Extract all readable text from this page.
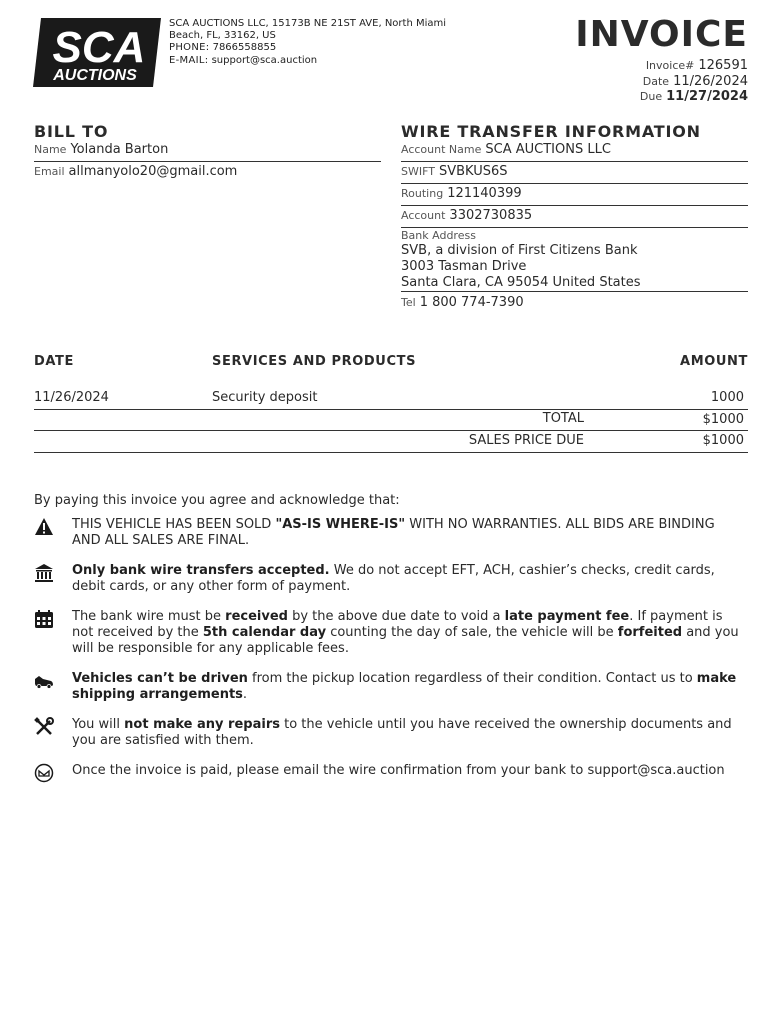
SCA
AUCTIONS
SCA AUCTIONS LLC, 15173B NE 21ST AVE, North Miami Beach, FL, 33162, US
PHONE: 7866558855
E-MAIL: support@sca.auction
INVOICE
Invoice# 126591
Date 11/26/2024
Due 11/27/2024
BILL TO
Name Yolanda Barton
Email allmanyolo20@gmail.com
WIRE TRANSFER INFORMATION
Account Name SCA AUCTIONS LLC
SWIFT SVBKUS6S
Routing 121140399
Account 3302730835
Bank Address
SVB, a division of First Citizens Bank
3003 Tasman Drive
Santa Clara, CA 95054 United States
Tel 1 800 774-7390
DATE	SERVICES AND PRODUCTS	AMOUNT
11/26/2024	Security deposit	1000
TOTAL	$1000
SALES PRICE DUE	$1000
By paying this invoice you agree and acknowledge that:
THIS VEHICLE HAS BEEN SOLD "AS-IS WHERE-IS" WITH NO WARRANTIES. ALL BIDS ARE BINDING AND ALL SALES ARE FINAL.
Only bank wire transfers accepted. We do not accept EFT, ACH, cashier’s checks, credit cards, debit cards, or any other form of payment.
The bank wire must be received by the above due date to void a late payment fee. If payment is not received by the 5th calendar day counting the day of sale, the vehicle will be forfeited and you will be responsible for any applicable fees.
Vehicles can’t be driven from the pickup location regardless of their condition. Contact us to make shipping arrangements.
You will not make any repairs to the vehicle until you have received the ownership documents and you are satisfied with them.
Once the invoice is paid, please email the wire confirmation from your bank to support@sca.auction
